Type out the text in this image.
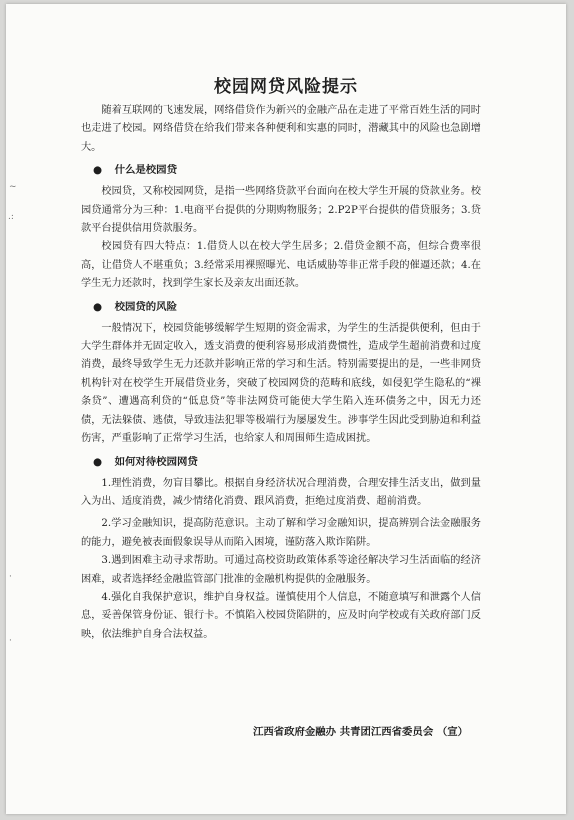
~
.:
·
·
校园网贷风险提示

随着互联网的飞速发展，网络借贷作为新兴的金融产品在走进了平常百姓生活的同时也走进了校园。网络借贷在给我们带来各种便利和实惠的同时，潜藏其中的风险也急剧增大。

● 什么是校园贷

校园贷，又称校园网贷，是指一些网络贷款平台面向在校大学生开展的贷款业务。校园贷通常分为三种：1.电商平台提供的分期购物服务；2.P2P平台提供的借贷服务；3.贷款平台提供信用贷款服务。

校园贷有四大特点：1.借贷人以在校大学生居多；2.借贷金额不高，但综合费率很高，让借贷人不堪重负；3.经常采用裸照曝光、电话威胁等非正常手段的催逼还款；4.在学生无力还款时，找到学生家长及亲友出面还款。

● 校园贷的风险

一般情况下，校园贷能够缓解学生短期的资金需求，为学生的生活提供便利，但由于大学生群体并无固定收入，透支消费的便利容易形成消费惯性，造成学生超前消费和过度消费，最终导致学生无力还款并影响正常的学习和生活。特别需要提出的是，一些非网贷机构针对在校学生开展借贷业务，突破了校园网贷的范畴和底线，如侵犯学生隐私的“裸条贷”、遭遇高利贷的“低息贷”等非法网贷可能使大学生陷入连环债务之中，因无力还债，无法躲债、逃债，导致违法犯罪等极端行为屡屡发生。涉事学生因此受到胁迫和利益伤害，严重影响了正常学习生活，也给家人和周围师生造成困扰。

● 如何对待校园网贷

1.理性消费，勿盲目攀比。根据自身经济状况合理消费，合理安排生活支出，做到量入为出、适度消费，减少情绪化消费、跟风消费，拒绝过度消费、超前消费。

2.学习金融知识，提高防范意识。主动了解和学习金融知识，提高辨别合法金融服务的能力，避免被表面假象误导从而陷入困境，谨防落入欺诈陷阱。

3.遇到困难主动寻求帮助。可通过高校资助政策体系等途径解决学习生活面临的经济困难，或者选择经金融监管部门批准的金融机构提供的金融服务。

4.强化自我保护意识，维护自身权益。谨慎使用个人信息，不随意填写和泄露个人信息，妥善保管身份证、银行卡。不慎陷入校园贷陷阱的，应及时向学校或有关政府部门反映，依法维护自身合法权益。

江西省政府金融办 共青团江西省委员会 （宣）
